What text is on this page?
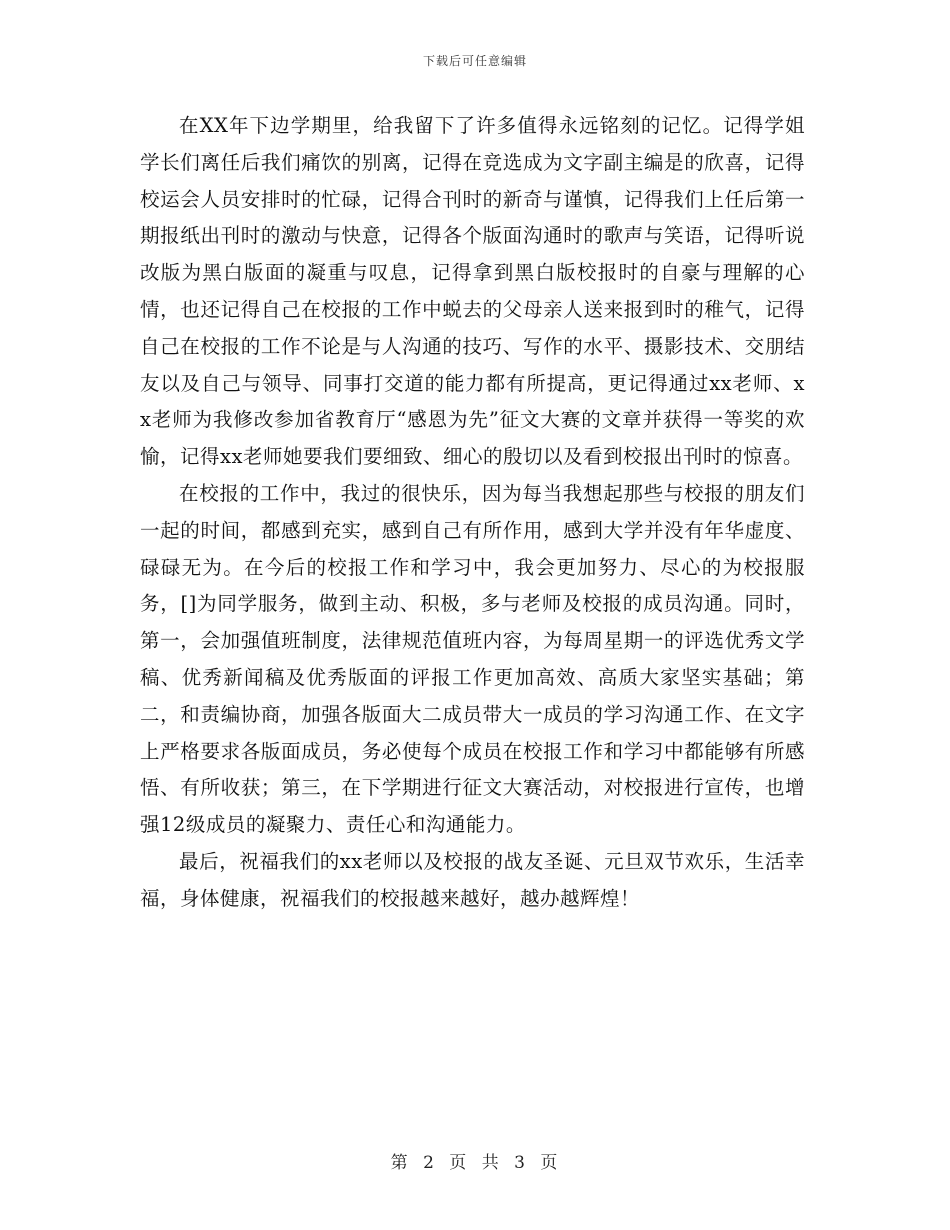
下载后可任意编辑

在XX年下边学期里，给我留下了许多值得永远铭刻的记忆。记得学姐学长们离任后我们痛饮的别离，记得在竞选成为文字副主编是的欣喜，记得校运会人员安排时的忙碌，记得合刊时的新奇与谨慎，记得我们上任后第一期报纸出刊时的激动与快意，记得各个版面沟通时的歌声与笑语，记得听说改版为黑白版面的凝重与叹息，记得拿到黑白版校报时的自豪与理解的心情，也还记得自己在校报的工作中蜕去的父母亲人送来报到时的稚气，记得自己在校报的工作不论是与人沟通的技巧、写作的水平、摄影技术、交朋结友以及自己与领导、同事打交道的能力都有所提高，更记得通过xx老师、xx老师为我修改参加省教育厅“感恩为先”征文大赛的文章并获得一等奖的欢愉，记得xx老师她要我们要细致、细心的殷切以及看到校报出刊时的惊喜。

在校报的工作中，我过的很快乐，因为每当我想起那些与校报的朋友们一起的时间，都感到充实，感到自己有所作用，感到大学并没有年华虚度、碌碌无为。在今后的校报工作和学习中，我会更加努力、尽心的为校报服务，[]为同学服务，做到主动、积极，多与老师及校报的成员沟通。同时，第一，会加强值班制度，法律规范值班内容，为每周星期一的评选优秀文学稿、优秀新闻稿及优秀版面的评报工作更加高效、高质大家坚实基础；第二，和责编协商，加强各版面大二成员带大一成员的学习沟通工作、在文字上严格要求各版面成员，务必使每个成员在校报工作和学习中都能够有所感悟、有所收获；第三，在下学期进行征文大赛活动，对校报进行宣传，也增强12级成员的凝聚力、责任心和沟通能力。

最后，祝福我们的xx老师以及校报的战友圣诞、元旦双节欢乐，生活幸福，身体健康，祝福我们的校报越来越好，越办越辉煌！

第 2 页 共 3 页
